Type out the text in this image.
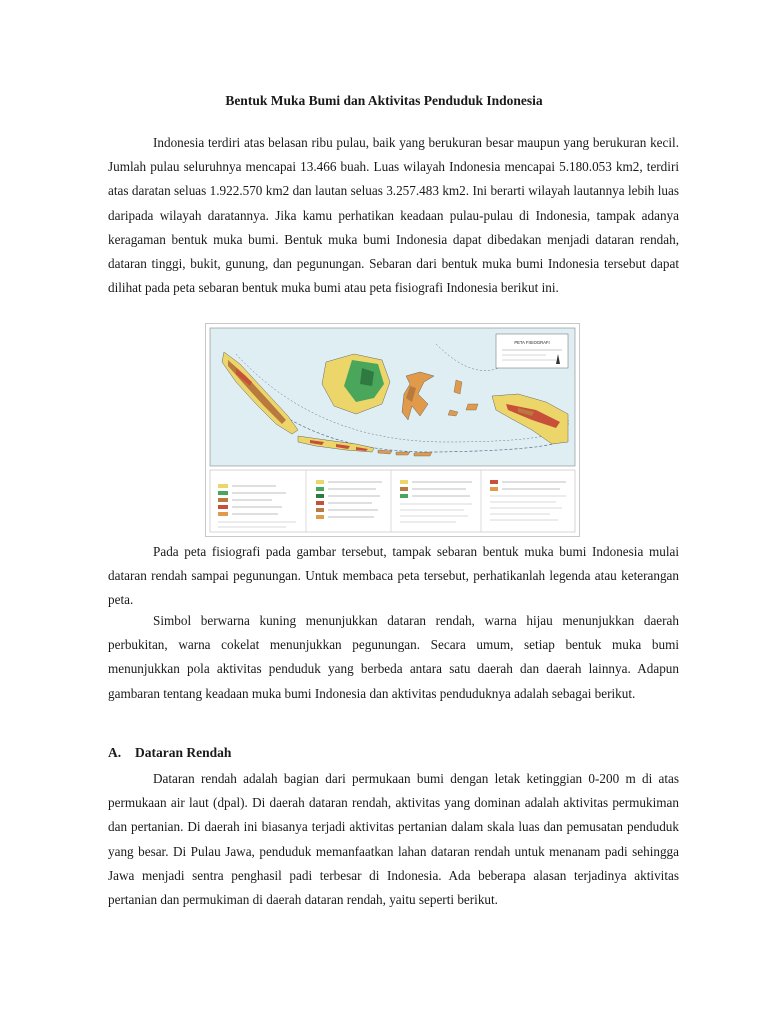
Bentuk Muka Bumi dan Aktivitas Penduduk Indonesia

Indonesia terdiri atas belasan ribu pulau, baik yang berukuran besar maupun yang berukuran kecil. Jumlah pulau seluruhnya mencapai 13.466 buah. Luas wilayah Indonesia mencapai 5.180.053 km2, terdiri atas daratan seluas 1.922.570 km2 dan lautan seluas 3.257.483 km2. Ini berarti wilayah lautannya lebih luas daripada wilayah daratannya. Jika kamu perhatikan keadaan pulau-pulau di Indonesia, tampak adanya keragaman bentuk muka bumi. Bentuk muka bumi Indonesia dapat dibedakan menjadi dataran rendah, dataran tinggi, bukit, gunung, dan pegunungan. Sebaran dari bentuk muka bumi Indonesia tersebut dapat dilihat pada peta sebaran bentuk muka bumi atau peta fisiografi Indonesia berikut ini.

PETA FISIOGRAFI

Pada peta fisiografi pada gambar tersebut, tampak sebaran bentuk muka bumi Indonesia mulai dataran rendah sampai pegunungan. Untuk membaca peta tersebut, perhatikanlah legenda atau keterangan peta.

Simbol berwarna kuning menunjukkan dataran rendah, warna hijau menunjukkan daerah perbukitan, warna cokelat menunjukkan pegunungan. Secara umum, setiap bentuk muka bumi menunjukkan pola aktivitas penduduk yang berbeda antara satu daerah dan daerah lainnya. Adapun gambaran tentang keadaan muka bumi Indonesia dan aktivitas penduduknya adalah sebagai berikut.

A. Dataran Rendah

Dataran rendah adalah bagian dari permukaan bumi dengan letak ketinggian 0-200 m di atas permukaan air laut (dpal). Di daerah dataran rendah, aktivitas yang dominan adalah aktivitas permukiman dan pertanian. Di daerah ini biasanya terjadi aktivitas pertanian dalam skala luas dan pemusatan penduduk yang besar. Di Pulau Jawa, penduduk memanfaatkan lahan dataran rendah untuk menanam padi sehingga Jawa menjadi sentra penghasil padi terbesar di Indonesia. Ada beberapa alasan terjadinya aktivitas pertanian dan permukiman di daerah dataran rendah, yaitu seperti berikut.
